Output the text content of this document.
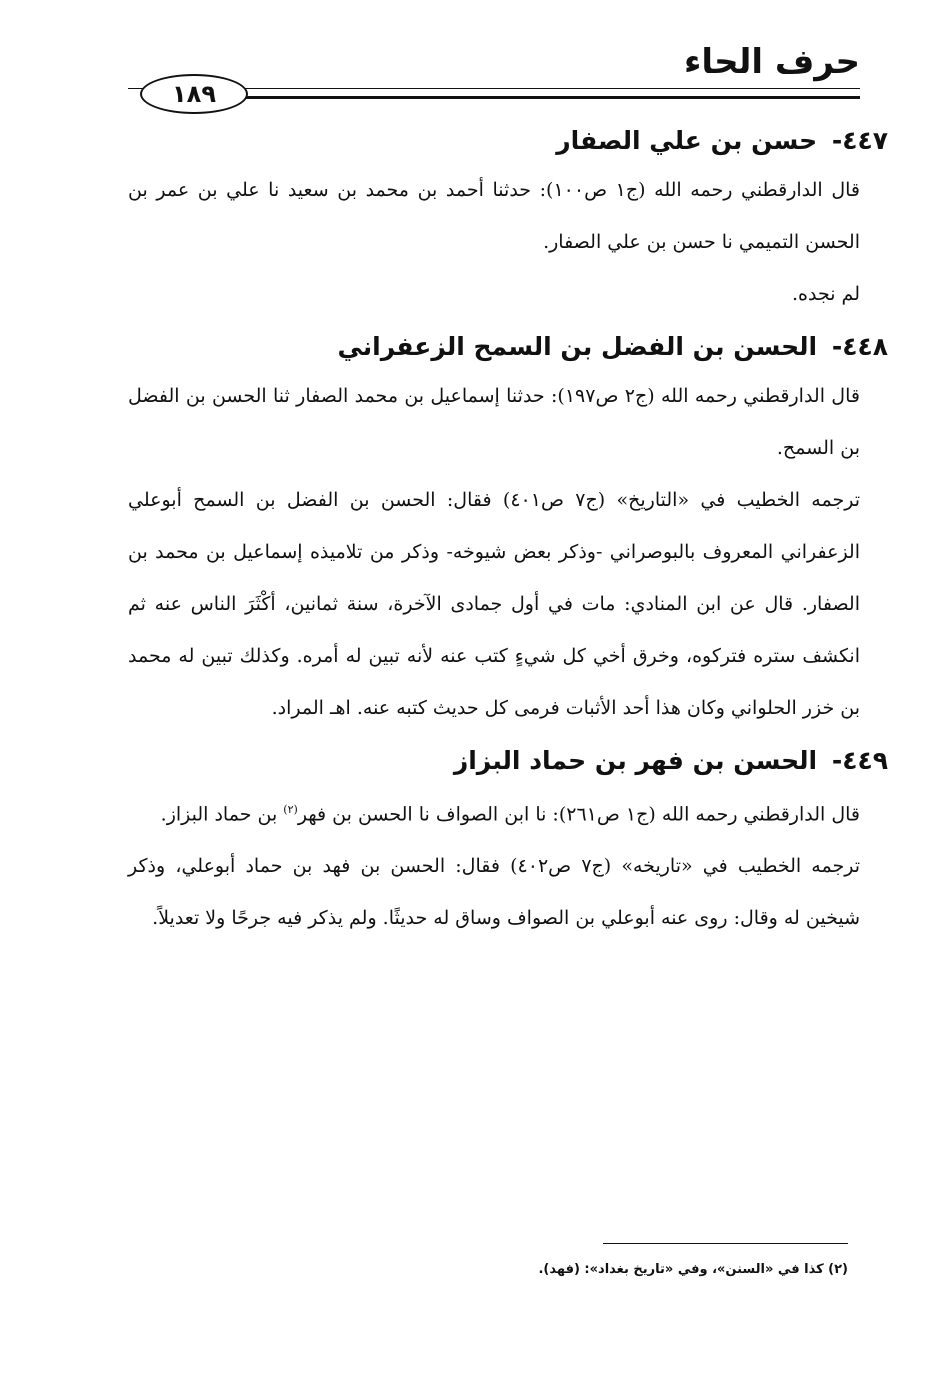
حرف الحاء
١٨٩
٤٤٧- حسن بن علي الصفار

قال الدارقطني رحمه الله (ج١ ص١٠٠): حدثنا أحمد بن محمد بن سعيد نا علي بن عمر بن الحسن التميمي نا حسن بن علي الصفار.

لم نجده.

٤٤٨- الحسن بن الفضل بن السمح الزعفراني

قال الدارقطني رحمه الله (ج٢ ص١٩٧): حدثنا إسماعيل بن محمد الصفار ثنا الحسن بن الفضل بن السمح.

ترجمه الخطيب في «التاريخ» (ج٧ ص٤٠١) فقال: الحسن بن الفضل بن السمح أبوعلي الزعفراني المعروف بالبوصراني -وذكر بعض شيوخه- وذكر من تلاميذه إسماعيل بن محمد بن الصفار. قال عن ابن المنادي: مات في أول جمادى الآخرة، سنة ثمانين، أكْثَرَ الناس عنه ثم انكشف ستره فتركوه، وخرق أخي كل شيءٍ كتب عنه لأنه تبين له أمره. وكذلك تبين له محمد بن خزر الحلواني وكان هذا أحد الأثبات فرمى كل حديث كتبه عنه. اهـ المراد.

٤٤٩- الحسن بن فهر بن حماد البزاز

قال الدارقطني رحمه الله (ج١ ص٢٦١): نا ابن الصواف نا الحسن بن فهر$^{(٢)}$ بن حماد البزاز.

ترجمه الخطيب في «تاريخه» (ج٧ ص٤٠٢) فقال: الحسن بن فهد بن حماد أبوعلي، وذكر شيخين له وقال: روى عنه أبوعلي بن الصواف وساق له حديثًا. ولم يذكر فيه جرحًا ولا تعديلاً.

(٢) كذا في «السنن»، وفي «تاريخ بغداد»: (فهد).
